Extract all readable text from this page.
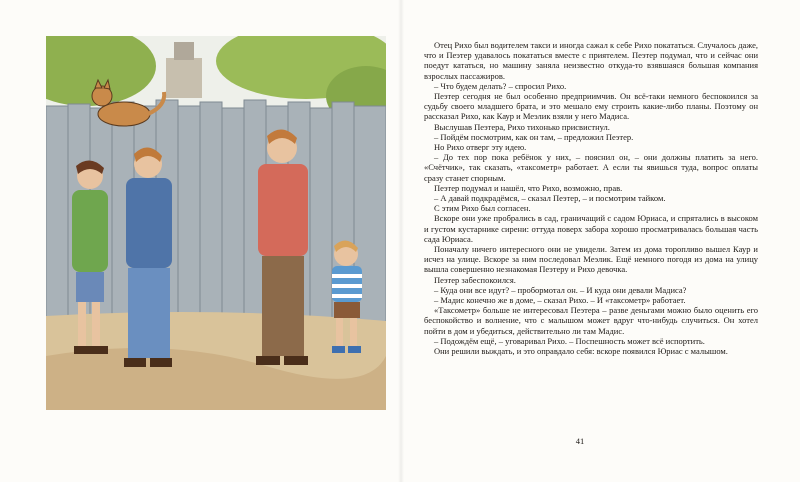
Отец Рихо был водителем такси и иногда сажал к себе Рихо покататься. Случалось даже, что и Пеэтер удавалось покататься вместе с приятелем. Пеэтер подумал, что и сейчас они поедут кататься, но машину заняла неизвестно откуда-то взявшаяся большая компания взрослых пассажиров.

– Что будем делать? – спросил Рихо.

Пеэтер сегодня не был особенно предприимчив. Он всё-таки немного беспокоился за судьбу своего младшего брата, и это мешало ему строить какие-либо планы. Поэтому он рассказал Рихо, как Каур и Меэлик взяли у него Мадиса.

Выслушав Пеэтера, Рихо тихонько присвистнул.

– Пойдём посмотрим, как он там, – предложил Пеэтер.

Но Рихо отверг эту идею.

– До тех пор пока ребёнок у них, – пояснил он, – они должны платить за него. «Счётчик», так сказать, «таксометр» работает. А если ты явишься туда, вопрос оплаты сразу станет спорным.

Пеэтер подумал и нашёл, что Рихо, возможно, прав.

– А давай подкрадёмся, – сказал Пеэтер, – и посмотрим тайком.

С этим Рихо был согласен.

Вскоре они уже пробрались в сад, граничащий с садом Юриаса, и спрятались в высоком и густом кустарнике сирени: оттуда поверх забора хорошо просматривалась большая часть сада Юриаса.

Поначалу ничего интересного они не увидели. Затем из дома торопливо вышел Каур и исчез на улице. Вскоре за ним последовал Меэлик. Ещё немного погодя из дома на улицу вышла совершенно незнакомая Пеэтеру и Рихо девочка.

Пеэтер забеспокоился.

– Куда они все идут? – пробормотал он. – И куда они девали Мадиса?

– Мадис конечно же в доме, – сказал Рихо. – И «таксометр» работает.

«Таксометр» больше не интересовал Пеэтера – разве деньгами можно было оценить его беспокойство и волнение, что с малышом может вдруг что-нибудь случиться. Он хотел пойти в дом и убедиться, действительно ли там Мадис.

– Подождём ещё, – уговаривал Рихо. – Поспешность может всё испортить.

Они решили выждать, и это оправдало себя: вскоре появился Юриас с малышом.

41
